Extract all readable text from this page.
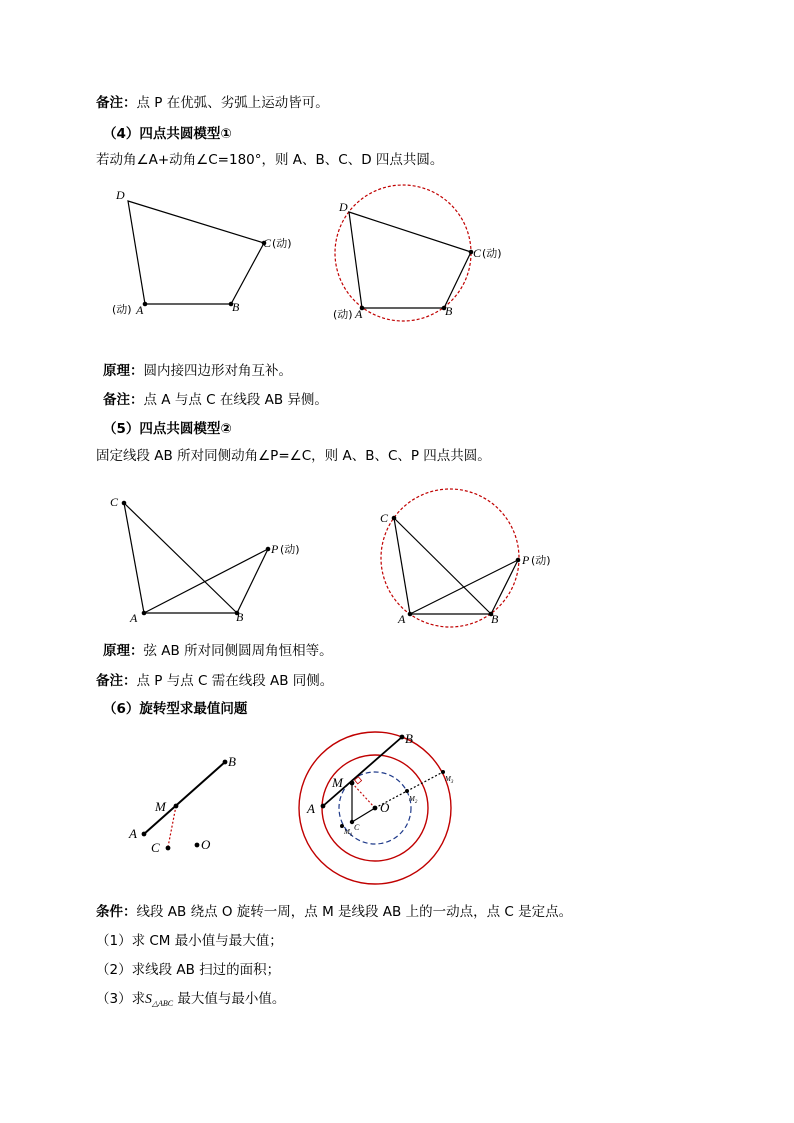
备注：点 P 在优弧、劣弧上运动皆可。
（4）四点共圆模型①
若动角∠A+动角∠C=180°，则 A、B、C、D 四点共圆。
D
C (动)
B
(动) A
D
C (动)
B
(动) A
C
P (动)
A	B
C
P (动)
A	B
B
M
A
C	O
B
M
A	O
C
$M_1$
$M_2$
$M_3$
原理：圆内接四边形对角互补。
备注：点 A 与点 C 在线段 AB 异侧。
（5）四点共圆模型②
固定线段 AB 所对同侧动角∠P=∠C，则 A、B、C、P 四点共圆。
原理：弦 AB 所对同侧圆周角恒相等。
备注：点 P 与点 C 需在线段 AB 同侧。
（6）旋转型求最值问题
条件：线段 AB 绕点 O 旋转一周，点 M 是线段 AB 上的一动点，点 C 是定点。
（1）求 CM 最小值与最大值；
（2）求线段 AB 扫过的面积；
（3）求$S_{\triangle ABC}$ 最大值与最小值。
